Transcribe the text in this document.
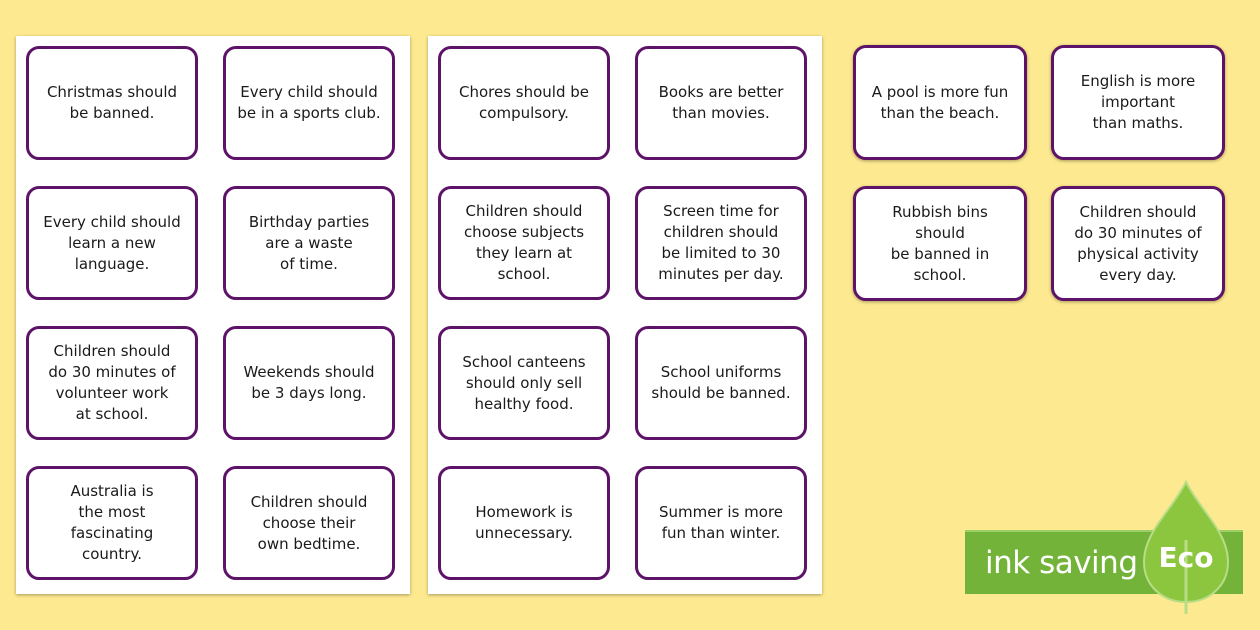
Christmas should
be banned.
Every child should
be in a sports club.
Every child should
learn a new
language.
Birthday parties
are a waste
of time.
Children should
do 30 minutes of
volunteer work
at school.
Weekends should
be 3 days long.
Australia is
the most
fascinating
country.
Children should
choose their
own bedtime.
Chores should be
compulsory.
Books are better
than movies.
Children should
choose subjects
they learn at
school.
Screen time for
children should
be limited to 30
minutes per day.
School canteens
should only sell
healthy food.
School uniforms
should be banned.
Homework is
unnecessary.
Summer is more
fun than winter.
A pool is more fun
than the beach.
English is more
important
than maths.
Rubbish bins should
be banned in school.
Children should
do 30 minutes of
physical activity
every day.
ink saving Eco
